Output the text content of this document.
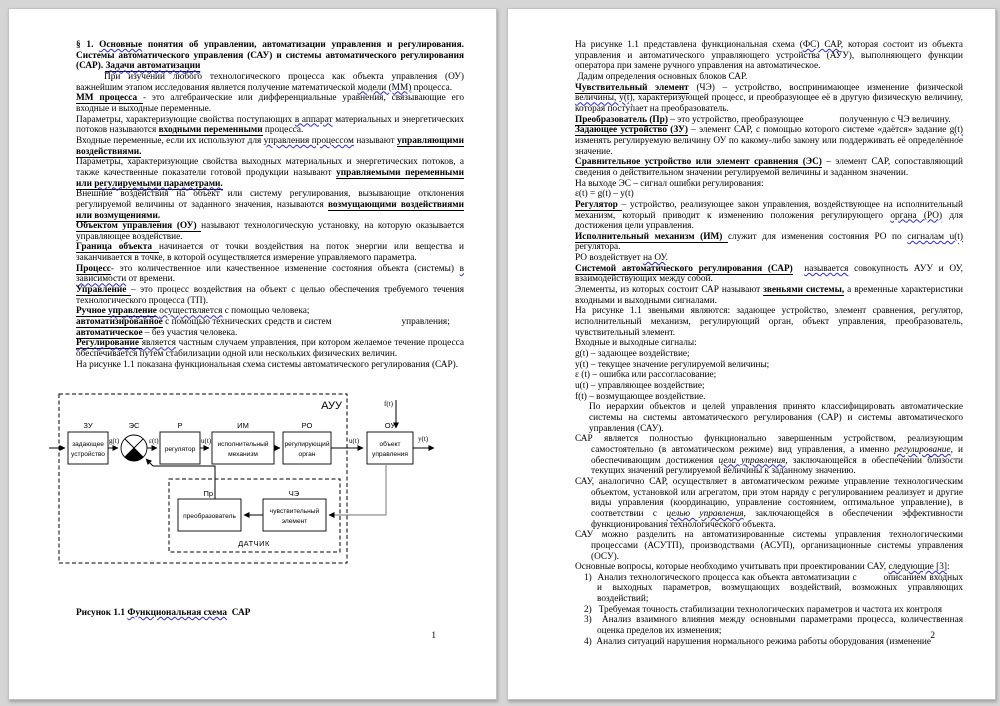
§ 1. Основные понятия об управлении, автоматизации управления и регулирования. Системы автоматического управления (САУ) и системы автоматического регулирования (САР). Задачи автоматизации

При изучении любого технологического процесса как объекта управления (ОУ) важнейшим этапом исследования является получение математической модели (ММ) процесса.

ММ процесса - это алгебраические или дифференциальные уравнения, связывающие его входные и выходные переменные.

Параметры, характеризующие свойства поступающих в аппарат материальных и энергетических потоков называются входными переменными процесса.

Входные переменные, если их используют для управления процессом называют управляющими воздействиями.

Параметры, характеризующие свойства выходных материальных и энергетических потоков, а также качественные показатели готовой продукции называют управляемыми переменными или регулируемыми параметрами.

Внешние воздействия на объект или систему регулирования, вызывающие отклонения регулируемой величины от заданного значения, называются возмущающими воздействиями или возмущениями.

Объектом управления (ОУ) называют технологическую установку, на которую оказывается управляющее воздействие.

Граница объекта начинается от точки воздействия на поток энергии или вещества и заканчивается в точке, в которой осуществляется измерение управляемого параметра.

Процесс- это количественное или качественное изменение состояния объекта (системы) в зависимости от времени.

Управление – это процесс воздействия на объект с целью обеспечения требуемого течения технологического процесса (ТП).

Ручное управление осуществляется с помощью человека;

автоматизированное с помощью технических средств и систем	управления;

автоматическое – без участия человека.

Регулирование является частным случаем управления, при котором желаемое течение процесса обеспечивается путем стабилизации одной или нескольких физических величин.

На рисунке 1.1 показана функциональная схема системы автоматического регулирования (САР).

АУУ
ЗУ
задающее
устройство
g(t)
ЭС
ε(t)
Р
регулятор
u(t)
ИМ
исполнительный
механизм
РО
регулирующий
орган
u(t)
ОУ
объект
управления
f(t)
y(t)
ДАТЧИК
Пр
преобразователь
ЧЭ
чувствительный
элемент

Рисунок 1.1 Функциональная схема  САР

1

На рисунке 1.1 представлена функциональная схема (ФС) САР, которая состоит из объекта управления и автоматического управляющего устройства (АУУ), выполняющего функции оператора при замене ручного управления на автоматическое.

Дадим определения основных блоков САР.

Чувствительный элемент (ЧЭ) – устройство, воспринимающее изменение физической величины, y(t), характеризующей процесс, и преобразующее её в другую физическую величину, которая поступает на преобразователь.

Преобразователь (Пр) – это устройство, преобразующее	полученную с ЧЭ величину.

Задающее устройство (ЗУ) – элемент САР, с помощью которого системе «даётся» задание g(t) изменять регулируемую величину ОУ по какому-либо закону или поддерживать её определённое значение.

Сравнительное устройство или элемент сравнения (ЭС) – элемент САР, сопоставляющий сведения о действительном значении регулируемой величины и заданном значении.

На выходе ЭС – сигнал ошибки регулирования:

ε(t) = g(t) – y(t)

Регулятор – устройство, реализующее закон управления, воздействующее на исполнительный механизм, который приводит к изменению положения регулирующего органа (РО) для достижения цели управления.

Исполнительный механизм (ИМ) служит для изменения состояния РО по сигналам u(t) регулятора.

РО воздействует на ОУ.

Системой автоматического регулирования (САР) называется совокупность АУУ и ОУ, взаимодействующих между собой.

Элементы, из которых состоит САР называют звеньями системы, а временные характеристики входными и выходными сигналами.

На рисунке 1.1 звеньями являются: задающее устройство, элемент сравнения, регулятор, исполнительный механизм, регулирующий орган, объект управления, преобразователь, чувствительный элемент.

Входные и выходные сигналы:

g(t) – задающее воздействие;

y(t) – текущее значение регулируемой величины;

ε (t) – ошибка или рассогласование;

u(t) – управляющее воздействие;

f(t) – возмущающее воздействие.

По иерархии объектов и целей управления принято классифицировать автоматические системы на системы автоматического регулирования (САР) и системы автоматического управления (САУ).

САР является полностью функционально завершенным устройством, реализующим самостоятельно (в автоматическом режиме) вид управления, а именно регулирование, и обеспечивающим достижения цели управления, заключающейся в обеспечении близости текущих значений регулируемой величины к заданному значению.

САУ, аналогично САР, осуществляет в автоматическом режиме управление технологическим объектом, установкой или агрегатом, при этом наряду с регулированием реализует и другие виды управления (координацию, управление состоянием, оптимальное управление), в соответствии с целью управления, заключающейся в обеспечении эффективности функционирования технологического объекта.

САУ можно разделить на автоматизированные системы управления технологическими процессами (АСУТП), производствами (АСУП), организационные системы управления (ОСУ).

Основные вопросы, которые необходимо учитывать при проектировании САУ, следующие [3]:

1)  Анализ технологического процесса как объекта автоматизации с	описанием входных и выходных параметров, возмущающих воздействий, возможных управляющих воздействий;

2)   Требуемая точность стабилизации технологических параметров и частота их контроля

3)  Анализ взаимного влияния между основными параметрами процесса, количественная оценка пределов их изменения;

4)  Анализ ситуаций нарушения нормального режима работы оборудования (изменение

2
